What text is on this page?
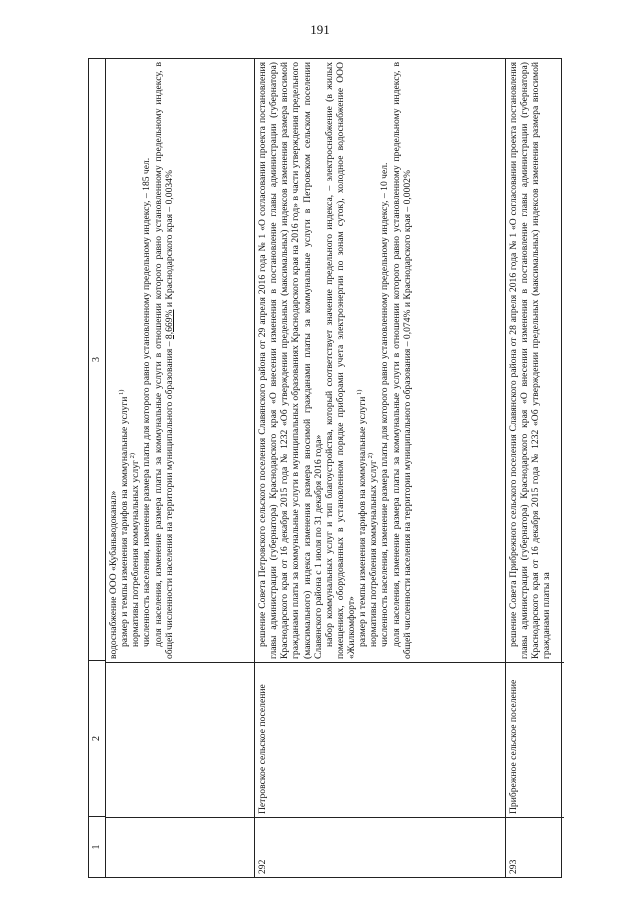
191
1
2
3

водоснабжение ООО «Кубаньводоканал» размер и темпы изменения тарифов на коммунальные услуги $^{1)}$

нормативы потребления коммунальных услуг $^{2)}$ численность населения, изменение размера платы для которого равно установленному предельному индексу, – 185 чел. доля населения, изменение размера платы за коммунальные услуги в отношении которого равно установленному предельному индексу, в общей численности населения на территории муниципального образования – 8,669% и Краснодарского края – 0,0034%

292
Петровское сельское поселение

решение Совета Петровского сельского поселения Славянского района от 29 апреля 2016 года № 1 «О согласовании проекта постановления главы администрации (губернатора) Краснодарского края «О внесении изменения в постановление главы администрации (губернатора) Краснодарского края от 16 декабря 2015 года № 1232 «Об утверждении предельных (максимальных) индексов изменения размера вносимой гражданами платы за коммунальные услуги в муниципальных образованиях Краснодарского края на 2016 год» в части утверждения предельного (максимального) индекса изменения размера вносимой гражданами платы за коммунальные услуги в Петровском сельском поселении Славянского района с 1 июля по 31 декабря 2016 года» набор коммунальных услуг и тип благоустройства, который соответствует значение предельного индекса, – электроснабжение (в жилых помещениях, оборудованных в установленном порядке приборами учета электроэнергии по зонам суток), холодное водоснабжение ООО «Жилкомфорт» размер и темпы изменения тарифов на коммунальные услуги $^{1)}$

нормативы потребления коммунальных услуг $^{2)}$ численность населения, изменение размера платы для которого равно установленному предельному индексу, – 10 чел. доля населения, изменение размера платы за коммунальные услуги в отношении которого равно установленному предельному индексу, в общей численности населения на территории муниципального образования – 0,074% и Краснодарского края – 0,0002%

293
Прибрежное сельское поселение

решение Совета Прибрежного сельского поселения Славянского района от 28 апреля 2016 года № 1 «О согласовании проекта постановления главы администрации (губернатора) Краснодарского края «О внесении изменения в постановление главы администрации (губернатора) Краснодарского края от 16 декабря 2015 года № 1232 «Об утверждении предельных (максимальных) индексов изменения размера вносимой гражданами платы за
